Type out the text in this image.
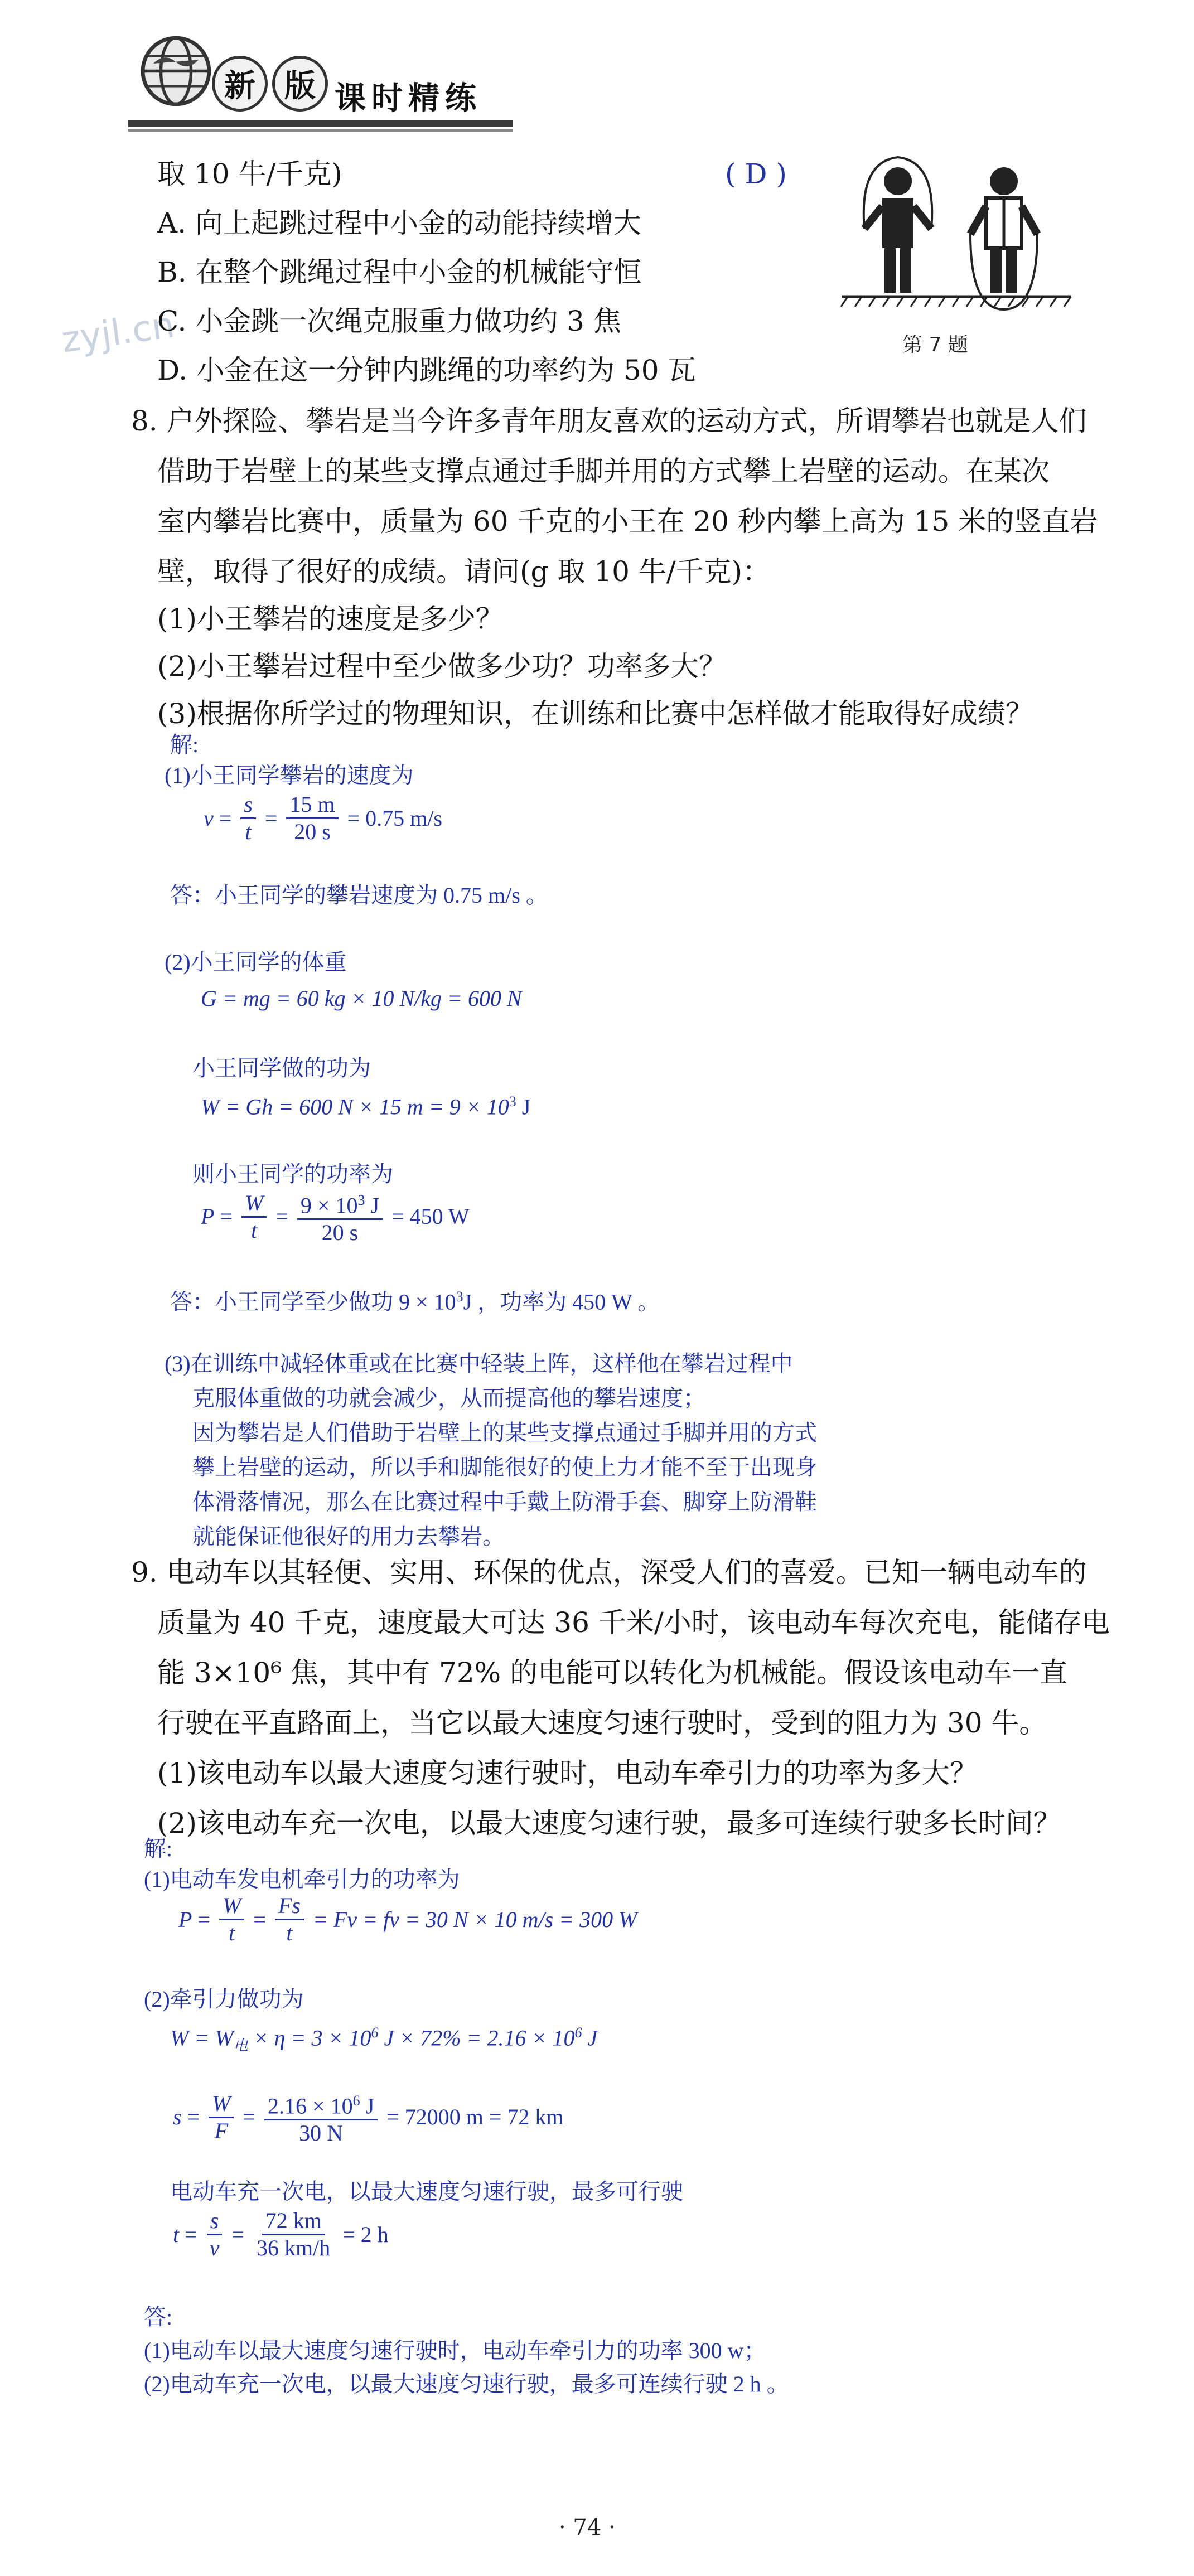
新 版 课时精练
zyjl.cn
取 10 牛/千克)	( D )
A. 向上起跳过程中小金的动能持续增大
B. 在整个跳绳过程中小金的机械能守恒
C. 小金跳一次绳克服重力做功约 3 焦
D. 小金在这一分钟内跳绳的功率约为 50 瓦
第 7 题
8. 户外探险、攀岩是当今许多青年朋友喜欢的运动方式，所谓攀岩也就是人们
借助于岩壁上的某些支撑点通过手脚并用的方式攀上岩壁的运动。在某次
室内攀岩比赛中，质量为 60 千克的小王在 20 秒内攀上高为 15 米的竖直岩
壁，取得了很好的成绩。请问(g 取 10 牛/千克)：
(1)小王攀岩的速度是多少？
(2)小王攀岩过程中至少做多少功？功率多大？
(3)根据你所学过的物理知识，在训练和比赛中怎样做才能取得好成绩？
解:
(1)小王同学攀岩的速度为
$v = \frac{s}{t} = \frac{15 m}{20 s} = 0.75$ m/s
答：小王同学的攀岩速度为 0.75 m/s 。
(2)小王同学的体重
G = mg = 60 kg × 10 N/kg = 600 N
小王同学做的功为
W = Gh = 600 N × 15 $m = 9 \times 10^3$ J
则小王同学的功率为
$P = \frac{W}{t} = \frac{9 \times 10^3 J}{20 s} = 450$ W
答：小王同学至少做功 $9 \times 10^3J$ ，功率为 450 W 。
(3)在训练中减轻体重或在比赛中轻装上阵，这样他在攀岩过程中
克服体重做的功就会减少，从而提高他的攀岩速度；
因为攀岩是人们借助于岩壁上的某些支撑点通过手脚并用的方式
攀上岩壁的运动，所以手和脚能很好的使上力才能不至于出现身
体滑落情况，那么在比赛过程中手戴上防滑手套、脚穿上防滑鞋
就能保证他很好的用力去攀岩。
9. 电动车以其轻便、实用、环保的优点，深受人们的喜爱。已知一辆电动车的
质量为 40 千克，速度最大可达 36 千米/小时，该电动车每次充电，能储存电
能 3×10⁶ 焦，其中有 72% 的电能可以转化为机械能。假设该电动车一直
行驶在平直路面上，当它以最大速度匀速行驶时，受到的阻力为 30 牛。
(1)该电动车以最大速度匀速行驶时，电动车牵引力的功率为多大？
(2)该电动车充一次电，以最大速度匀速行驶，最多可连续行驶多长时间？
解:
(1)电动车发电机牵引力的功率为
$P = \frac{W}{t} = \frac{Fs}{t} = Fv$ = fv = 30 N × 10 m/s = 300 W
(2)牵引力做功为
$W = W_电 \times \eta = 3 \times 10^6$ $J \times 72\% = 2.16 \times 10^6$ J
$s = \frac{W}{F} = \frac{2.16 \times 10^6 J}{30 N} = 72000$ m = 72 km
电动车充一次电，以最大速度匀速行驶，最多可行驶
$t = \frac{s}{v} = \frac{72 km}{36 km/h} = 2$ h
答:
(1)电动车以最大速度匀速行驶时，电动车牵引力的功率 300 w；
(2)电动车充一次电，以最大速度匀速行驶，最多可连续行驶 2 h 。
· 74 ·
